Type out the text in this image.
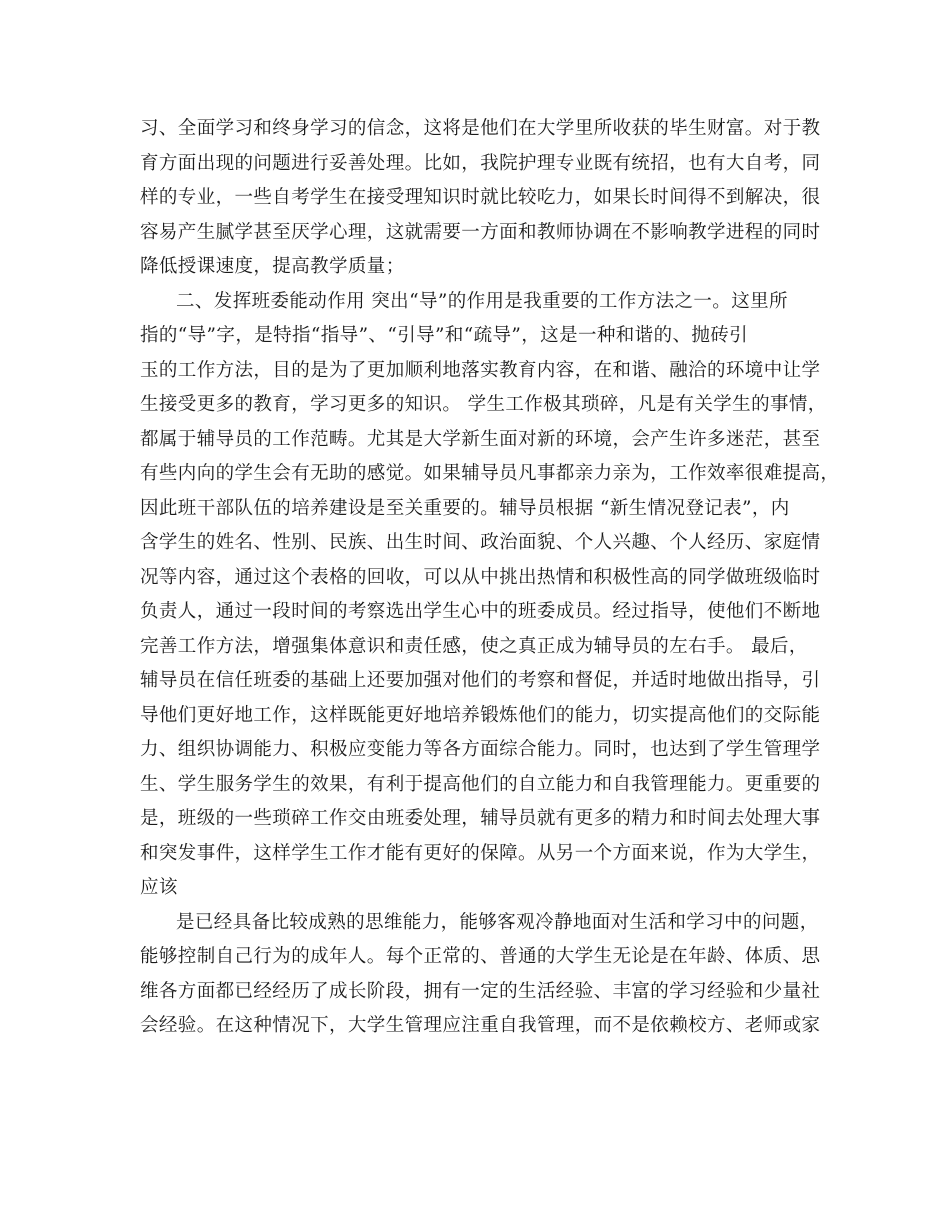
习、全面学习和终身学习的信念，这将是他们在大学里所收获的毕生财富。对于教
育方面出现的问题进行妥善处理。比如，我院护理专业既有统招，也有大自考，同
样的专业，一些自考学生在接受理知识时就比较吃力，如果长时间得不到解决，很
容易产生腻学甚至厌学心理，这就需要一方面和教师协调在不影响教学进程的同时
降低授课速度，提高教学质量；
二、发挥班委能动作用 突出“导”的作用是我重要的工作方法之一。这里所
指的“导”字，是特指“指导”、“引导”和“疏导”，这是一种和谐的、抛砖引
玉的工作方法，目的是为了更加顺利地落实教育内容，在和谐、融洽的环境中让学
生接受更多的教育，学习更多的知识。 学生工作极其琐碎，凡是有关学生的事情，
都属于辅导员的工作范畴。尤其是大学新生面对新的环境，会产生许多迷茫，甚至
有些内向的学生会有无助的感觉。如果辅导员凡事都亲力亲为，工作效率很难提高，
因此班干部队伍的培养建设是至关重要的。辅导员根据 “新生情况登记表”，内
含学生的姓名、性别、民族、出生时间、政治面貌、个人兴趣、个人经历、家庭情
况等内容，通过这个表格的回收，可以从中挑出热情和积极性高的同学做班级临时
负责人，通过一段时间的考察选出学生心中的班委成员。经过指导，使他们不断地
完善工作方法，增强集体意识和责任感，使之真正成为辅导员的左右手。 最后，
辅导员在信任班委的基础上还要加强对他们的考察和督促，并适时地做出指导，引
导他们更好地工作，这样既能更好地培养锻炼他们的能力，切实提高他们的交际能
力、组织协调能力、积极应变能力等各方面综合能力。同时，也达到了学生管理学
生、学生服务学生的效果，有利于提高他们的自立能力和自我管理能力。更重要的
是，班级的一些琐碎工作交由班委处理，辅导员就有更多的精力和时间去处理大事
和突发事件，这样学生工作才能有更好的保障。从另一个方面来说，作为大学生，
应该
是已经具备比较成熟的思维能力，能够客观冷静地面对生活和学习中的问题，
能够控制自己行为的成年人。每个正常的、普通的大学生无论是在年龄、体质、思
维各方面都已经经历了成长阶段，拥有一定的生活经验、丰富的学习经验和少量社
会经验。在这种情况下，大学生管理应注重自我管理，而不是依赖校方、老师或家
